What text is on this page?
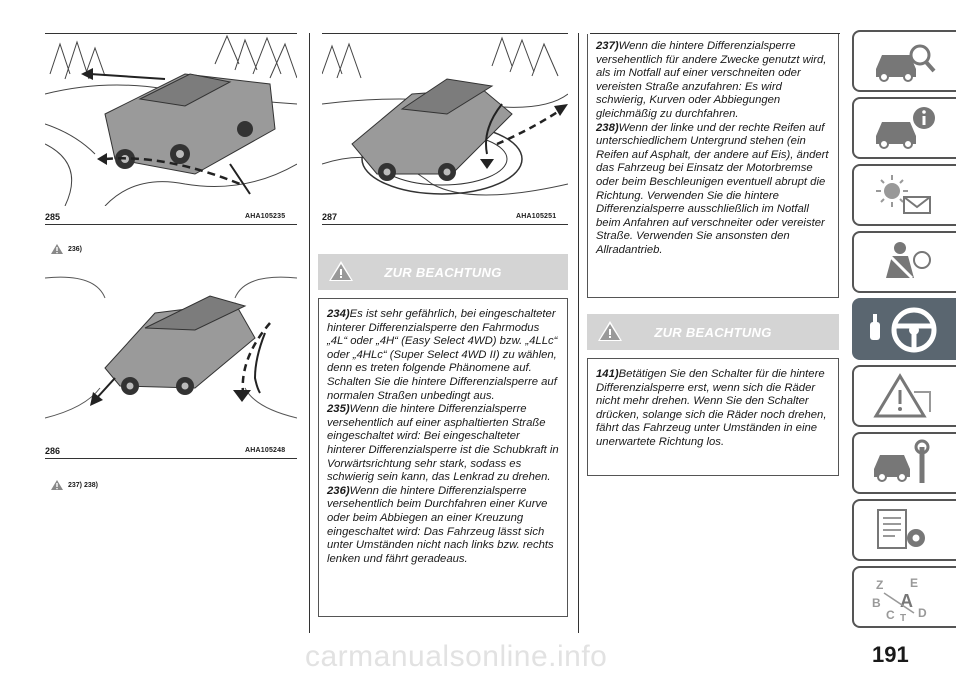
285	AHA105235
236)
286	AHA105248
237) 238)
287	AHA105251
ZUR BEACHTUNG

234)Es ist sehr gefährlich, bei eingeschalteter hinterer Differenzialsperre den Fahrmodus „4L“ oder „4H“ (Easy Select 4WD) bzw. „4LLc“ oder „4HLc“ (Super Select 4WD II) zu wählen, denn es treten folgende Phänomene auf. Schalten Sie die hintere Differenzialsperre auf normalen Straßen unbedingt aus.

235)Wenn die hintere Differenzialsperre versehentlich auf einer asphaltierten Straße eingeschaltet wird: Bei eingeschalteter hinterer Differenzialsperre ist die Schubkraft in Vorwärtsrichtung sehr stark, sodass es schwierig sein kann, das Lenkrad zu drehen.

236)Wenn die hintere Differenzialsperre versehentlich beim Durchfahren einer Kurve oder beim Abbiegen an einer Kreuzung eingeschaltet wird: Das Fahrzeug lässt sich unter Umständen nicht nach links bzw. rechts lenken und fährt geradeaus.

237)Wenn die hintere Differenzialsperre versehentlich für andere Zwecke genutzt wird, als im Notfall auf einer verschneiten oder vereisten Straße anzufahren: Es wird schwierig, Kurven oder Abbiegungen gleichmäßig zu durchfahren.

238)Wenn der linke und der rechte Reifen auf unterschiedlichem Untergrund stehen (ein Reifen auf Asphalt, der andere auf Eis), ändert das Fahrzeug bei Einsatz der Motorbremse oder beim Beschleunigen eventuell abrupt die Richtung. Verwenden Sie die hintere Differenzialsperre ausschließlich im Notfall beim Anfahren auf verschneiter oder vereister Straße. Verwenden Sie ansonsten den Allradantrieb.

ZUR BEACHTUNG

141)Betätigen Sie den Schalter für die hintere Differenzialsperre erst, wenn sich die Räder nicht mehr drehen. Wenn Sie den Schalter drücken, solange sich die Räder noch drehen, fährt das Fahrzeug unter Umständen in eine unerwartete Richtung los.

Z E
B
C
A
D
T
carmanualsonline.info	191
